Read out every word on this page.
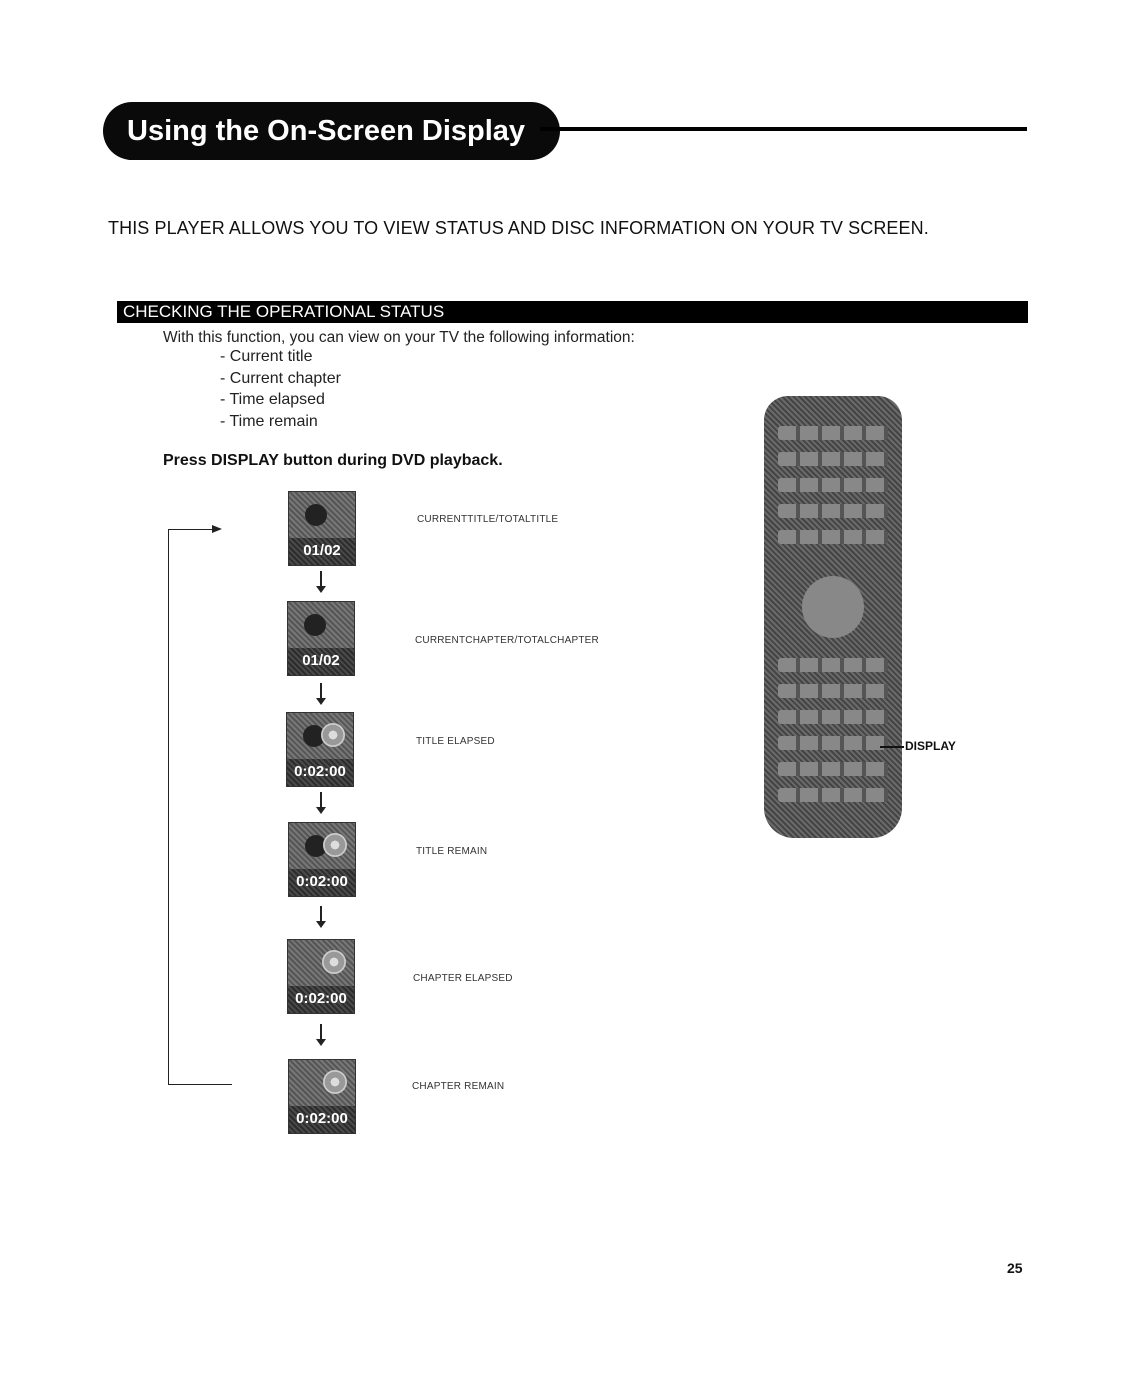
Using the On-Screen Display
THIS PLAYER ALLOWS YOU TO VIEW STATUS AND DISC INFORMATION ON YOUR TV SCREEN.
CHECKING THE OPERATIONAL STATUS
With this function, you can view on your TV the following information:
- Current title
- Current chapter
- Time elapsed
- Time remain
Press DISPLAY button during DVD playback.
01/02
CURRENTTITLE/TOTALTITLE
01/02
CURRENTCHAPTER/TOTALCHAPTER
0:02:00
TITLE ELAPSED
0:02:00
TITLE REMAIN
0:02:00
CHAPTER ELAPSED
0:02:00
CHAPTER REMAIN
DISPLAY
25
